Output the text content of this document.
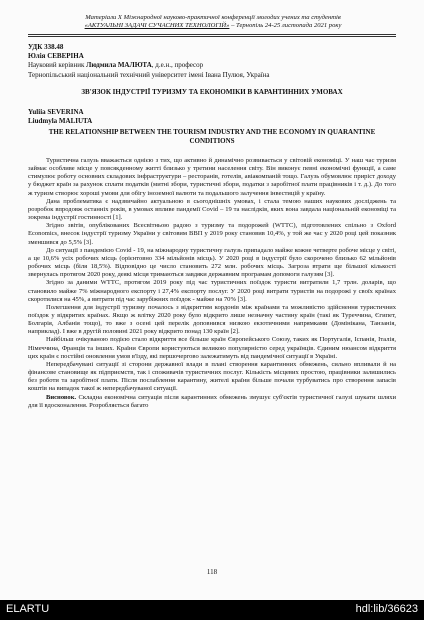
Матеріали Х Міжнародної науково-практичної конференції молодих учених та студентів
«АКТУАЛЬНІ ЗАДАЧІ СУЧАСНИХ ТЕХНОЛОГІЙ» – Тернопіль 24-25 листопада 2021 року
УДК 338.48
Юлія СЕВЕРІНА
Науковий керівник Людмила МАЛЮТА, д.е.н., професор
Тернопільський національний технічний університет імені Івана Пулюя, Україна
ЗВ'ЯЗОК ІНДУСТРІЇ ТУРИЗМУ ТА ЕКОНОМІКИ В КАРАНТИННИХ УМОВАХ
Yuliia SEVERINA
Liudmyla MALIUTA
THE RELATIONSHIP BETWEEN THE TOURISM INDUSTRY AND THE ECONOMY IN QUARANTINE CONDITIONS

Туристична галузь вважається однією з тих, що активно й динамічно розвивається у світовій економіці. У наш час туризм займає особливе місце у повсякденному житті близько у третини населення світу. Він виконує певні економічні функції, а саме стимулює роботу основних складових інфраструктури – ресторанів, готелів, авіакомпаній тощо. Галузь обумовлює приріст доходу у бюджет країн за рахунок сплати податків (митні збори, туристичні збори, податки з заробітної плати працівників і т. д.). До того ж туризм створює хороші умови для обігу іноземної валюти та подальшого залучення інвестицій у країну.

Дана проблематика є надзвичайно актуальною в сьогоднішніх умовах, і стала темою наших наукових досліджень та розробок впродовж останніх років, в умовах впливе пандемії Covid – 19 та наслідків, яких вона завдала національній економіці та зокрема індустрії гостинності [1].

Згідно звітів, опублікованих Всесвітньою радою з туризму та подорожей (WTTC), підготовлених спільно з Oxford Economics, внесок індустрії туризму України у світовим ВВП у 2019 року становив 10,4%, у той же час у 2020 році цей показник зменшився до 5,5% [3].

До ситуації з пандемією Covid - 19, на міжнародну туристичну галузь припадало майже кожне четверте робоче місце у світі, а це 10,6% усіх робочих місць (орієнтовно 334 мільйонів місць). У 2020 році в індустрії було скорочено близько 62 мільйонів робочих місць (біля 18,5%). Відповідно це число становить 272 млн. робочих місць. Загроза втрати ще більшої кількості звернулась протягом 2020 року, деякі місця тримаються завдяки державним програмам допомоги галузям [3].

Згідно за даними WTTC, протягом 2019 року під час туристичних поїздок туристи витратили 1,7 трлн. доларів, що становило майже 7% міжнародного експорту і 27,4% експорту послуг. У 2020 році витрати туристів на подорожі у своїх країнах скоротилися на 45%, а витрати під час зарубіжних поїздок - майже на 70% [3].

Полегшення для індустрії туризму почалось з відкриттям кордонів між країнами та можливістю здійснення туристичних поїздок у відкритих країнах. Якщо ж влітку 2020 року було відкрито лише незначну частину країн (такі як Туреччина, Єгипет, Болгарія, Албанія тощо), то вже з осені цей перелік доповнився низкою екзотичними напрямками (Домінікана, Танзанія, наприклад). І вже в другій половині 2021 року відкрито понад 130 країн [2].

Найбільш очікуваною подією стало відкриття все більше країн Європейського Союзу, таких як Португалія, Іспанія, Італія, Німеччина, Франція та інших. Країни Європи користуються великою популярністю серед українців. Єдиним нюансом відкриття цих країн є постійні оновлення умов в'їзду, які першочергово залежатимуть від пандемічної ситуації в Україні.

Непередбачувані ситуації зі сторони державної влади в плані створення карантинних обмежень, сильно впливали й на фінансове становище як підприємств, так і споживачів туристичних послуг. Кількість місцевих простою, працівники залишились без роботи та заробітної плати. Після послаблення карантину, жителі країни більше почали турбуватись про створення запасів коштів на випадок такої ж непередбачуваної ситуації.

Висновок. Складна економічна ситуація після карантинних обмежень змушує суб'єктів туристичної галузі шукати шляхи для її вдосконалення. Розробляється багато

118
ELARTU	hdl:lib/36623
